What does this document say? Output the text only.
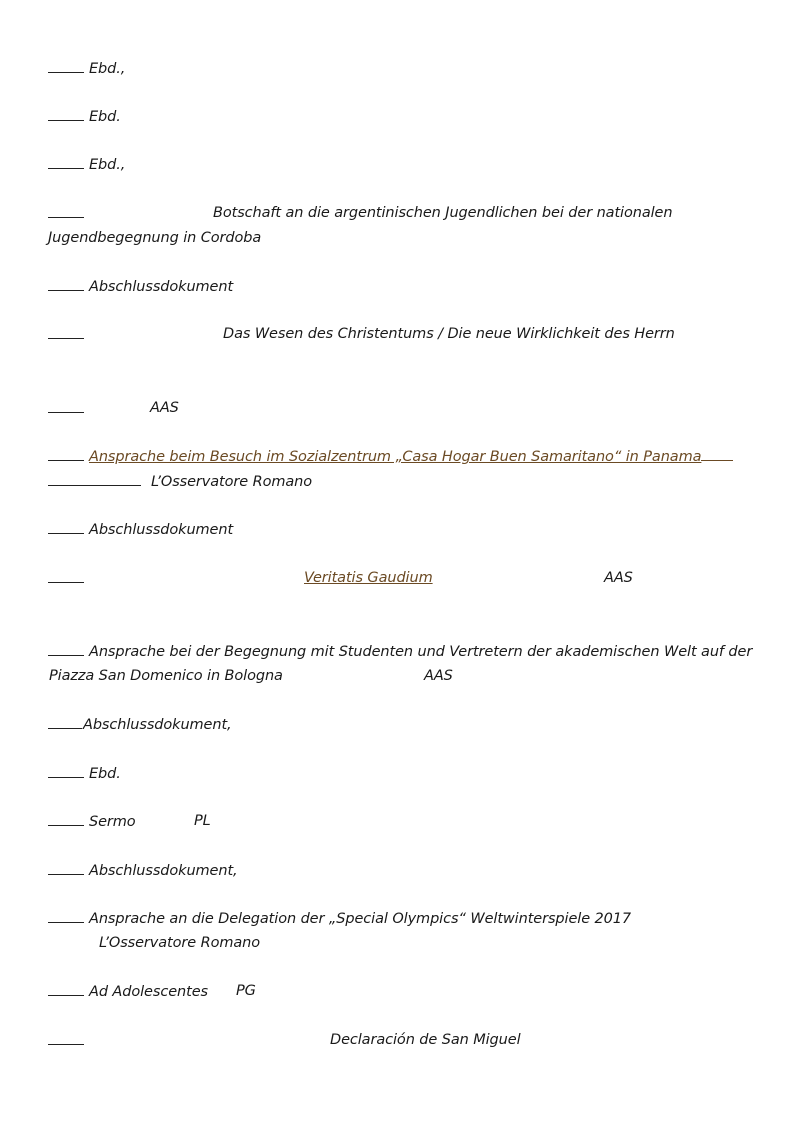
Ebd.,
Ebd.
Ebd.,
Botschaft an die argentinischen Jugendlichen bei der nationalen
Jugendbegegnung in Cordoba
Abschlussdokument
Das Wesen des Christentums / Die neue Wirklichkeit des Herrn
AAS
Ansprache beim Besuch im Sozialzentrum „Casa Hogar Buen Samaritano“ in Panama
L’Osservatore Romano
Abschlussdokument
Veritatis Gaudium	AAS
Ansprache bei der Begegnung mit Studenten und Vertretern der akademischen Welt auf der
Piazza San Domenico in Bologna	AAS
Abschlussdokument,
Ebd.
Sermo	PL
Abschlussdokument,
Ansprache an die Delegation der „Special Olympics“ Weltwinterspiele 2017
L’Osservatore Romano
Ad Adolescentes PG
Declaración de San Miguel
